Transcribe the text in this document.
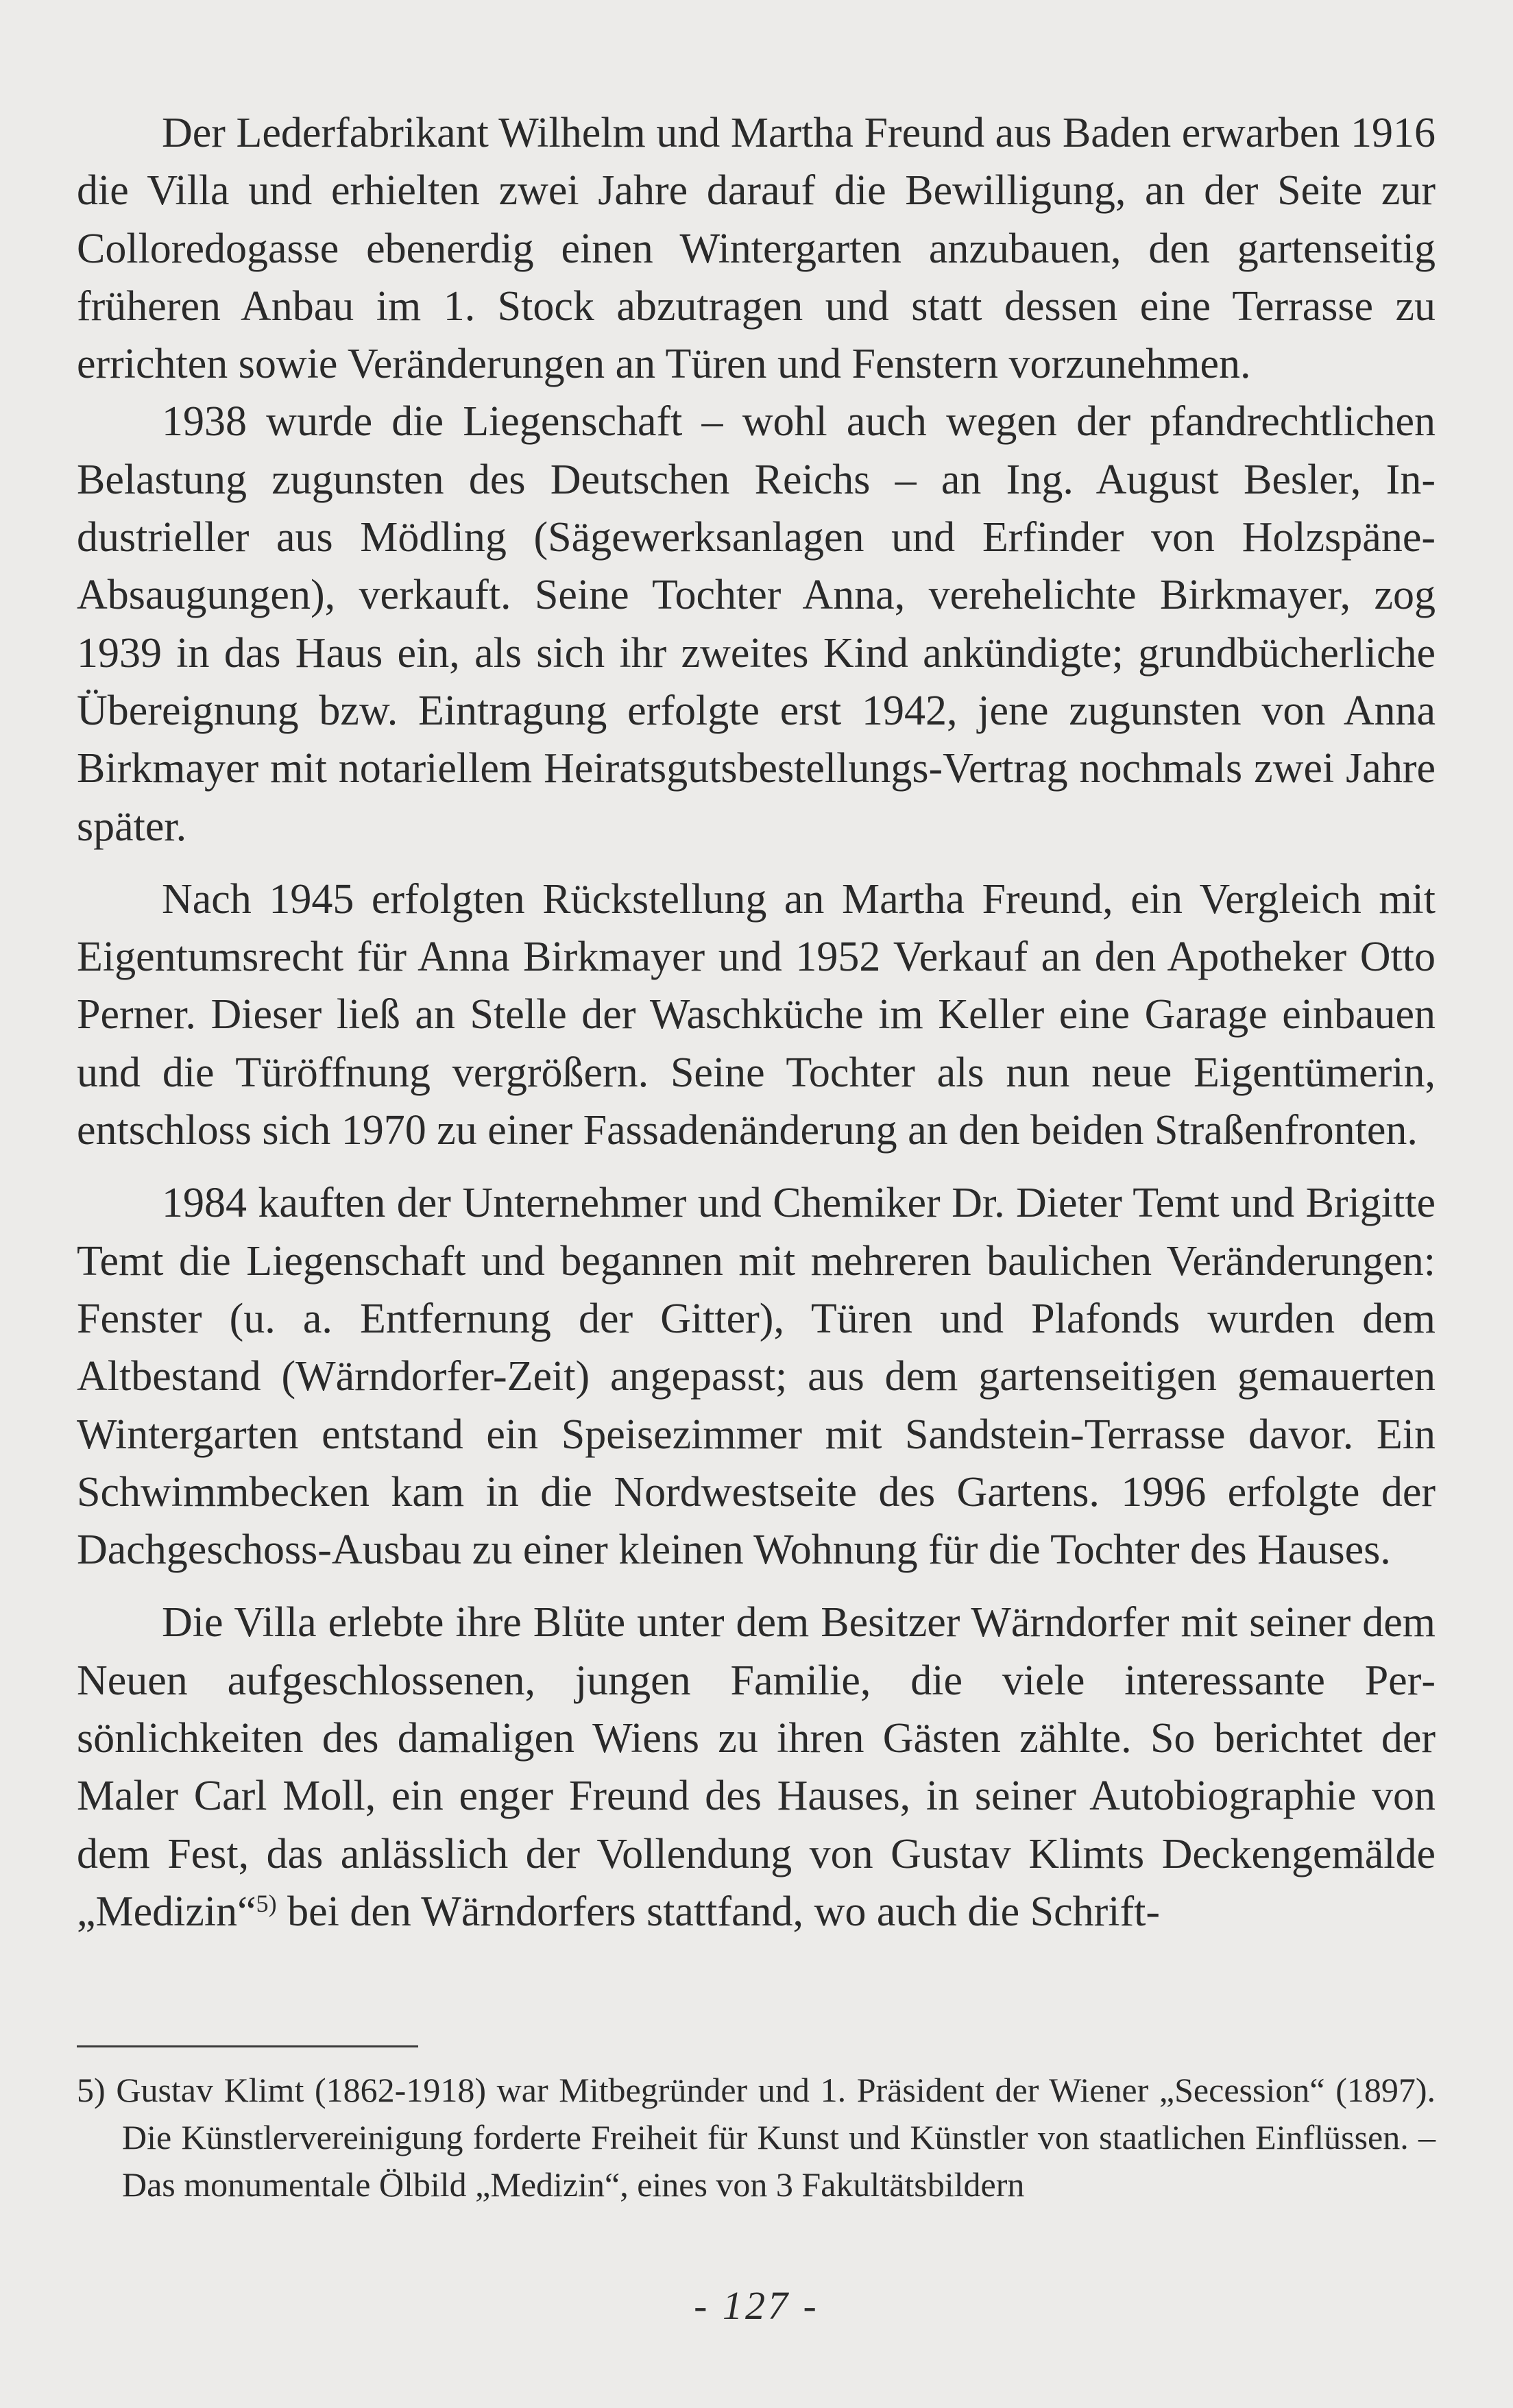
Der Lederfabrikant Wilhelm und Martha Freund aus Baden erwarben 1916 die Villa und erhielten zwei Jahre darauf die Bewilligung, an der Seite zur Colloredogasse ebenerdig einen Wintergarten anzubauen, den gartenseitig früheren Anbau im 1. Stock abzutragen und statt dessen eine Terrasse zu errichten sowie Veränderungen an Türen und Fenstern vorzunehmen.

1938 wurde die Liegenschaft – wohl auch wegen der pfandrechtlichen Belastung zugunsten des Deutschen Reichs – an Ing. August Besler, Industrieller aus Mödling (Sägewerksanlagen und Erfinder von Holzspäne-Absaugungen), verkauft. Seine Tochter Anna, verehelichte Birkmayer, zog 1939 in das Haus ein, als sich ihr zweites Kind ankündigte; grundbücherliche Übereignung bzw. Eintragung erfolgte erst 1942, jene zugunsten von Anna Birkmayer mit notariellem Heiratsgutsbestellungs-Vertrag nochmals zwei Jahre später.

Nach 1945 erfolgten Rückstellung an Martha Freund, ein Vergleich mit Eigentumsrecht für Anna Birkmayer und 1952 Verkauf an den Apotheker Otto Perner. Dieser ließ an Stelle der Waschküche im Keller eine Garage einbauen und die Türöffnung vergrößern. Seine Tochter als nun neue Eigentümerin, entschloss sich 1970 zu einer Fassadenänderung an den beiden Straßenfronten.

1984 kauften der Unternehmer und Chemiker Dr. Dieter Temt und Brigitte Temt die Liegenschaft und begannen mit mehreren baulichen Veränderungen: Fenster (u. a. Entfernung der Gitter), Türen und Plafonds wurden dem Altbestand (Wärndorfer-Zeit) angepasst; aus dem gartenseitigen gemauerten Wintergarten entstand ein Speisezimmer mit Sandstein-Terrasse davor. Ein Schwimmbecken kam in die Nordwestseite des Gartens. 1996 erfolgte der Dachgeschoss-Ausbau zu einer kleinen Wohnung für die Tochter des Hauses.

Die Villa erlebte ihre Blüte unter dem Besitzer Wärndorfer mit seiner dem Neuen aufgeschlossenen, jungen Familie, die viele interessante Persönlichkeiten des damaligen Wiens zu ihren Gästen zählte. So berichtet der Maler Carl Moll, ein enger Freund des Hauses, in seiner Autobiographie von dem Fest, das anlässlich der Vollendung von Gustav Klimts Deckengemälde „Medizin“$^{5)}$ bei den Wärndorfers stattfand, wo auch die Schrift-

5) Gustav Klimt (1862-1918) war Mitbegründer und 1. Präsident der Wiener „Secession“ (1897). Die Künstlervereinigung forderte Freiheit für Kunst und Künstler von staatlichen Einflüssen. – Das monumentale Ölbild „Medizin“, eines von 3 Fakultätsbildern
- 127 -
